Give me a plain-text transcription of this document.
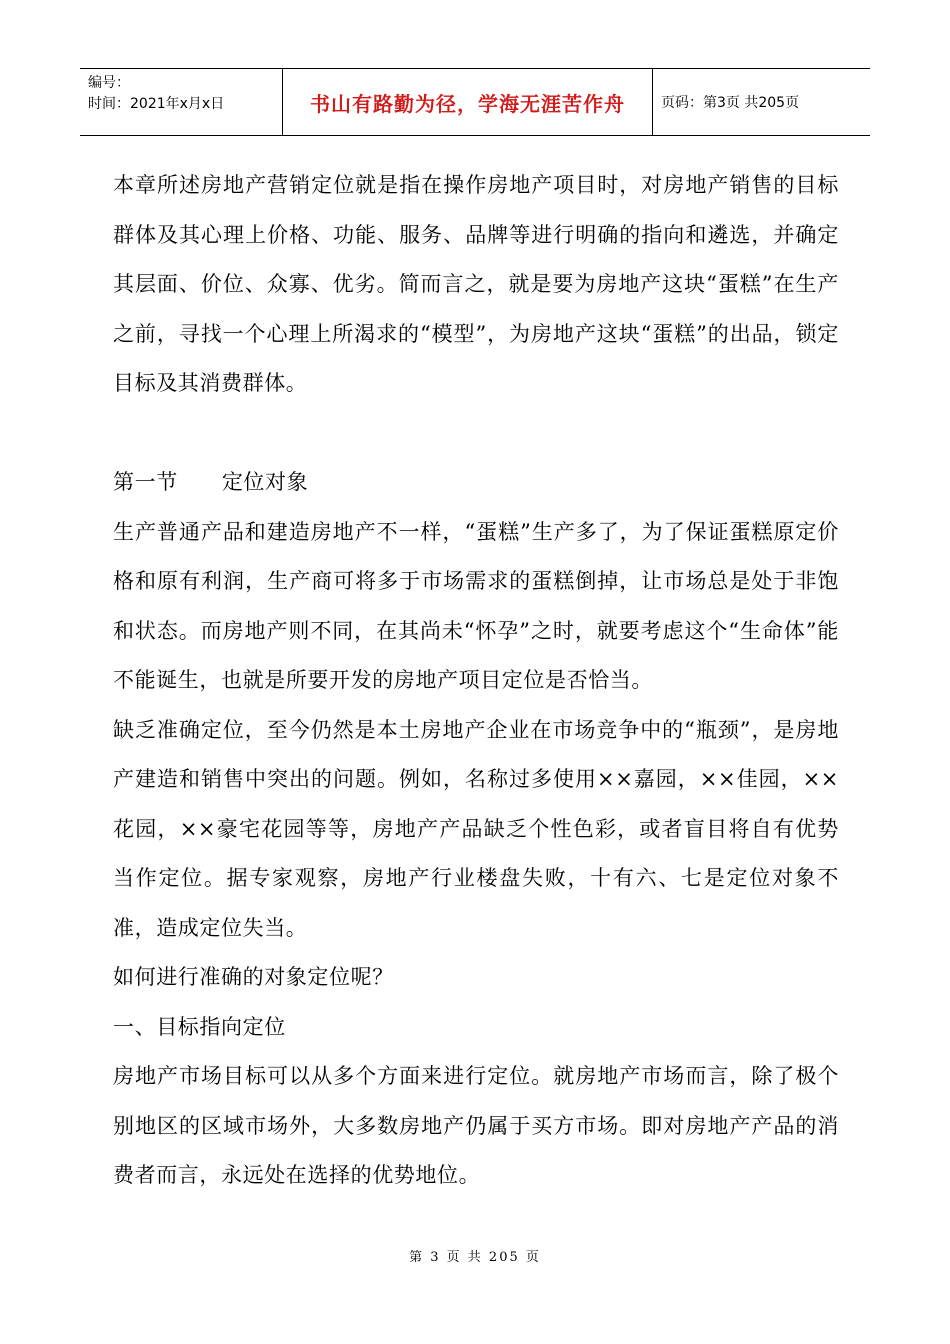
编号：
时间：2021年x月x日	书山有路勤为径，学海无涯苦作舟	页码：第3页 共205页

本章所述房地产营销定位就是指在操作房地产项目时，对房地产销售的目标群体及其心理上价格、功能、服务、品牌等进行明确的指向和遴选，并确定其层面、价位、众寡、优劣。简而言之，就是要为房地产这块“蛋糕”在生产之前，寻找一个心理上所渴求的“模型”，为房地产这块“蛋糕”的出品，锁定目标及其消费群体。

第一节 定位对象

生产普通产品和建造房地产不一样，“蛋糕”生产多了，为了保证蛋糕原定价格和原有利润，生产商可将多于市场需求的蛋糕倒掉，让市场总是处于非饱和状态。而房地产则不同，在其尚未“怀孕”之时，就要考虑这个“生命体”能不能诞生，也就是所要开发的房地产项目定位是否恰当。

缺乏准确定位，至今仍然是本土房地产企业在市场竞争中的“瓶颈”，是房地产建造和销售中突出的问题。例如，名称过多使用××嘉园，××佳园，××花园，××豪宅花园等等，房地产产品缺乏个性色彩，或者盲目将自有优势当作定位。据专家观察，房地产行业楼盘失败，十有六、七是定位对象不准，造成定位失当。

如何进行准确的对象定位呢？

一、目标指向定位

房地产市场目标可以从多个方面来进行定位。就房地产市场而言，除了极个别地区的区域市场外，大多数房地产仍属于买方市场。即对房地产产品的消费者而言，永远处在选择的优势地位。

第 3 页 共 205 页
